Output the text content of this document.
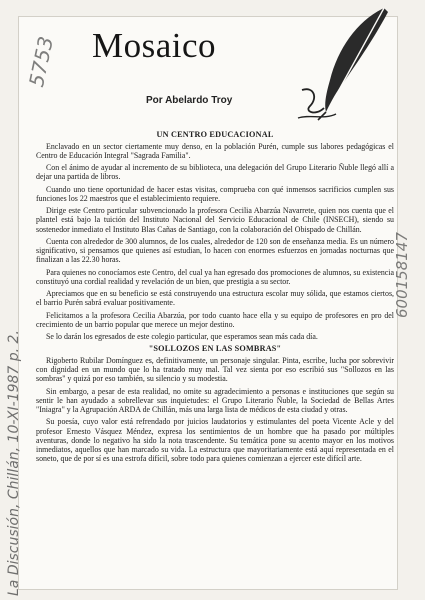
Mosaico
Por Abelardo Troy
5753
600158147
La Discusión, Chillán, 10-XI-1987 p. 2.
UN CENTRO EDUCACIONAL

Enclavado en un sector ciertamente muy denso, en la población Purén, cumple sus labores pedagógicas el Centro de Educación Integral "Sagrada Familia".

Con el ánimo de ayudar al incremento de su biblioteca, una delegación del Grupo Literario Ñuble llegó allí a dejar una partida de libros.

Cuando uno tiene oportunidad de hacer estas visitas, comprueba con qué inmensos sacrificios cumplen sus funciones los 22 maestros que el establecimiento requiere.

Dirige este Centro particular subvencionado la profesora Cecilia Abarzúa Navarrete, quien nos cuenta que el plantel está bajo la tuición del Instituto Nacional del Servicio Educacional de Chile (INSECH), siendo su sostenedor inmediato el Instituto Blas Cañas de Santiago, con la colaboración del Obispado de Chillán.

Cuenta con alrededor de 300 alumnos, de los cuales, alrededor de 120 son de enseñanza media. Es un número significativo, si pensamos que quienes así estudian, lo hacen con enormes esfuerzos en jornadas nocturnas que finalizan a las 22.30 horas.

Para quienes no conocíamos este Centro, del cual ya han egresado dos promociones de alumnos, su existencia constituyó una cordial realidad y revelación de un bien, que prestigia a su sector.

Apreciamos que en su beneficio se está construyendo una estructura escolar muy sólida, que estamos ciertos, el barrio Purén sabrá evaluar positivamente.

Felicitamos a la profesora Cecilia Abarzúa, por todo cuanto hace ella y su equipo de profesores en pro del crecimiento de un barrio popular que merece un mejor destino.

Se lo darán los egresados de este colegio particular, que esperamos sean más cada día.

"SOLLOZOS EN LAS SOMBRAS"

Rigoberto Rubilar Domínguez es, definitivamente, un personaje singular. Pinta, escribe, lucha por sobrevivir con dignidad en un mundo que lo ha tratado muy mal. Tal vez sienta por eso escribió sus "Sollozos en las sombras" y quizá por eso también, su silencio y su modestia.

Sin embargo, a pesar de esta realidad, no omite su agradecimiento a personas e instituciones que según su sentir le han ayudado a sobrellevar sus inquietudes: el Grupo Literario Ñuble, la Sociedad de Bellas Artes "Iniagra" y la Agrupación ARDA de Chillán, más una larga lista de médicos de esta ciudad y otras.

Su poesía, cuyo valor está refrendado por juicios laudatorios y estimulantes del poeta Vicente Acle y del profesor Ernesto Vásquez Méndez, expresa los sentimientos de un hombre que ha pasado por múltiples aventuras, donde lo negativo ha sido la nota trascendente. Su temática pone su acento mayor en los motivos inmediatos, aquellos que han marcado su vida. La estructura que mayoritariamente está aquí representada en el soneto, que de por sí es una estrofa difícil, sobre todo para quienes comienzan a ejercer este difícil arte.
